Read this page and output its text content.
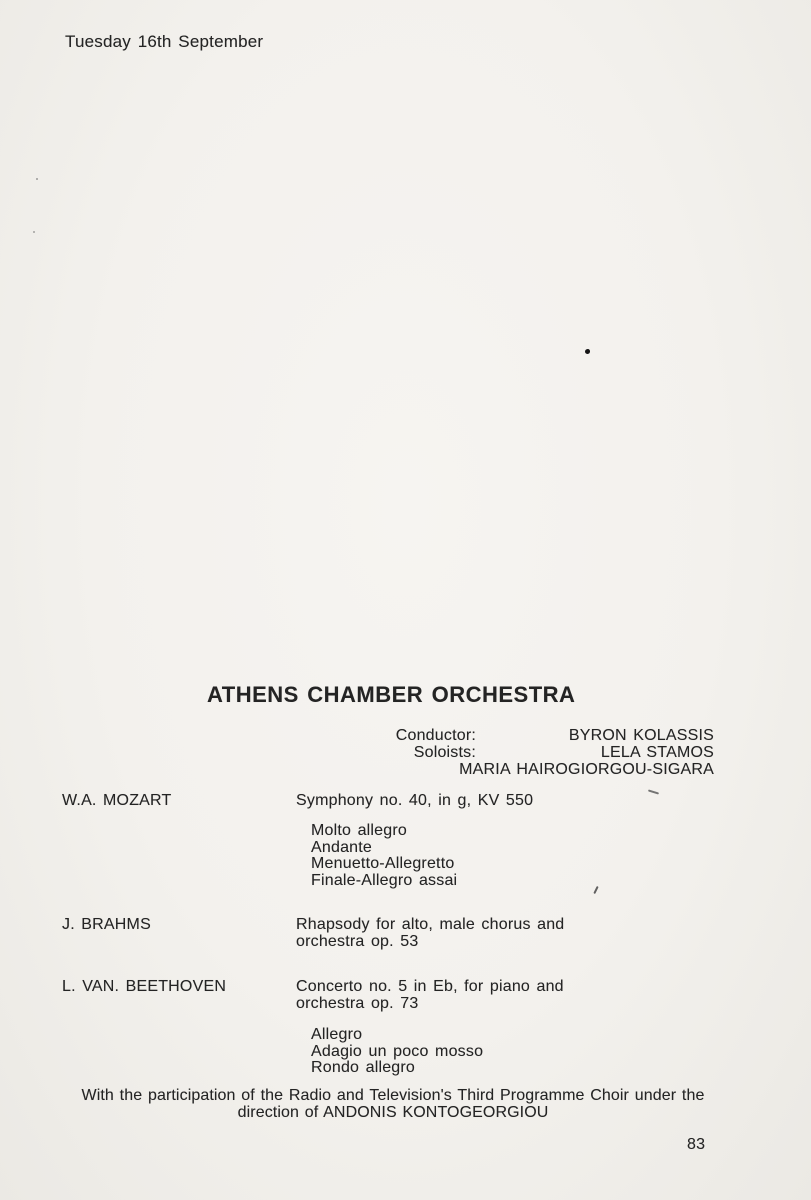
Tuesday 16th September
ATHENS CHAMBER ORCHESTRA
Conductor:	BYRON KOLASSIS
Soloists:	LELA STAMOS
MARIA HAIROGIORGOU-SIGARA
W.A. MOZART	Symphony no. 40, in g, KV 550
Molto allegro
Andante
Menuetto-Allegretto
Finale-Allegro assai
J. BRAHMS	Rhapsody for alto, male chorus and
orchestra op. 53
L. VAN. BEETHOVEN	Concerto no. 5 in Eb, for piano and
orchestra op. 73
Allegro
Adagio un poco mosso
Rondo allegro
With the participation of the Radio and Television's Third Programme Choir under the
direction of ANDONIS KONTOGEORGIOU
83
